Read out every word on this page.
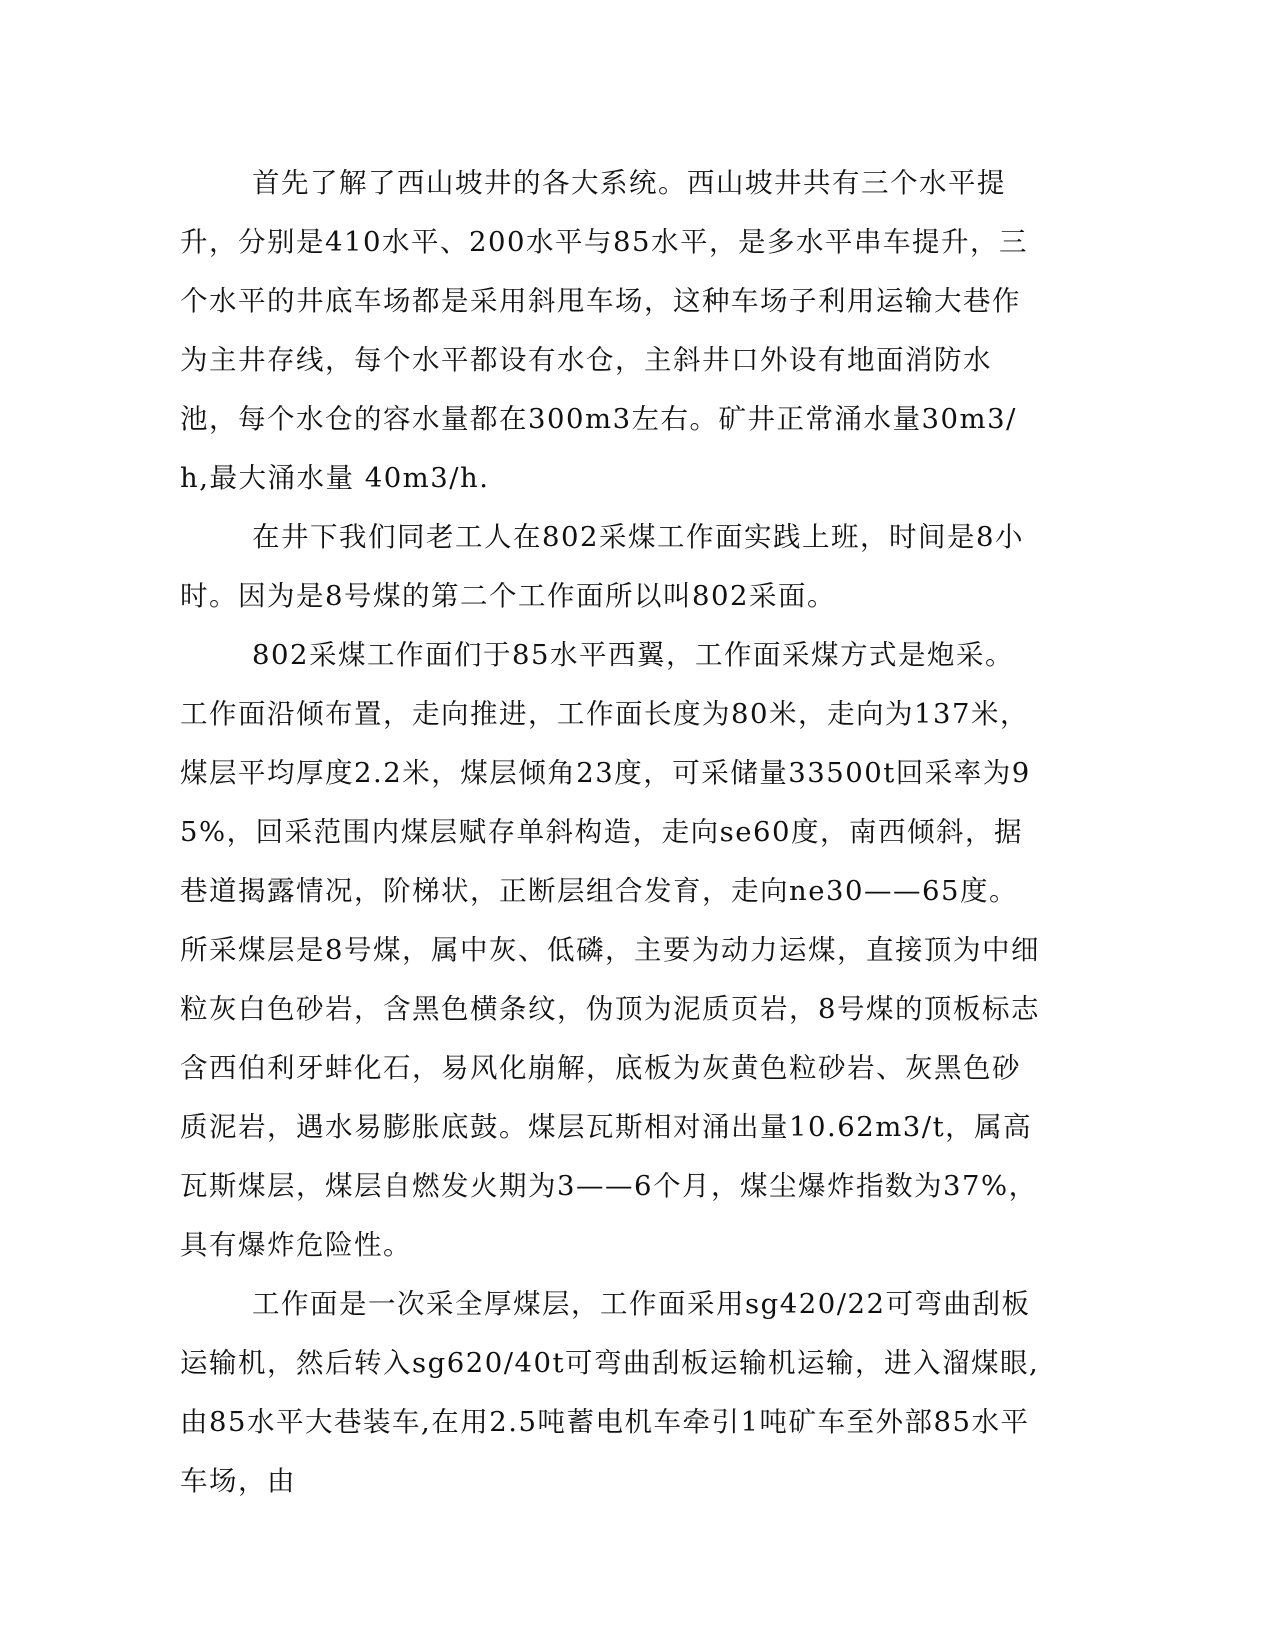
首先了解了西山坡井的各大系统。西山坡井共有三个水平提升，分别是410水平、200水平与85水平，是多水平串车提升，三个水平的井底车场都是采用斜甩车场，这种车场子利用运输大巷作为主井存线，每个水平都设有水仓，主斜井口外设有地面消防水池，每个水仓的容水量都在300m3左右。矿井正常涌水量30m3/h,最大涌水量 40m3/h.

在井下我们同老工人在802采煤工作面实践上班，时间是8小时。因为是8号煤的第二个工作面所以叫802采面。

802采煤工作面们于85水平西翼，工作面采煤方式是炮采。工作面沿倾布置，走向推进，工作面长度为80米，走向为137米，煤层平均厚度2.2米，煤层倾角23度，可采储量33500t回采率为95%，回采范围内煤层赋存单斜构造，走向se60度，南西倾斜，据巷道揭露情况，阶梯状，正断层组合发育，走向ne30——65度。所采煤层是8号煤，属中灰、低磷，主要为动力运煤，直接顶为中细粒灰白色砂岩，含黑色横条纹，伪顶为泥质页岩，8号煤的顶板标志含西伯利牙蚌化石，易风化崩解，底板为灰黄色粒砂岩、灰黑色砂质泥岩，遇水易膨胀底鼓。煤层瓦斯相对涌出量10.62m3/t，属高瓦斯煤层，煤层自燃发火期为3——6个月，煤尘爆炸指数为37%，具有爆炸危险性。

工作面是一次采全厚煤层，工作面采用sg420/22可弯曲刮板运输机，然后转入sg620/40t可弯曲刮板运输机运输，进入溜煤眼,由85水平大巷装车,在用2.5吨蓄电机车牵引1吨矿车至外部85水平车场，由
